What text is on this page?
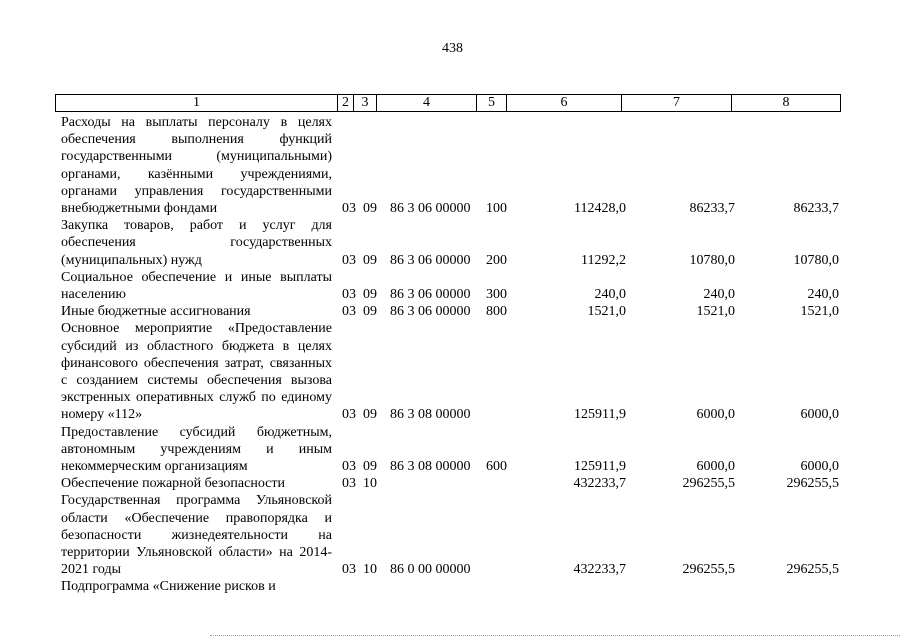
438
1	2 3	4	5	6	7	8
Расходы на выплаты персоналу в целях обеспечения выполнения функций государственными (муниципальными) органами, казёнными учреждениями, органами управления государственными внебюджетными фондами	03 09 86 3 06 00000 100	112428,0	86233,7	86233,7
Закупка товаров, работ и услуг для обеспечения государственных (муниципальных) нужд	03 09 86 3 06 00000 200	11292,2	10780,0	10780,0
Социальное обеспечение и иные выплаты населению	03 09 86 3 06 00000 300	240,0	240,0	240,0
Иные бюджетные ассигнования	03 09 86 3 06 00000 800	1521,0	1521,0	1521,0
Основное мероприятие «Предоставление субсидий из областного бюджета в целях финансового обеспечения затрат, связанных с созданием системы обеспечения вызова экстренных оперативных служб по единому номеру «112»	03 09 86 3 08 00000	125911,9	6000,0	6000,0
Предоставление субсидий бюджетным, автономным учреждениям и иным некоммерческим организациям	03 09 86 3 08 00000 600	125911,9	6000,0	6000,0
Обеспечение пожарной безопасности	03 10	432233,7	296255,5	296255,5
Государственная программа Ульяновской области «Обеспечение правопорядка и безопасности жизнедеятельности на территории Ульяновской области» на 2014-2021 годы	03 10 86 0 00 00000	432233,7	296255,5	296255,5
Подпрограмма «Снижение рисков и
